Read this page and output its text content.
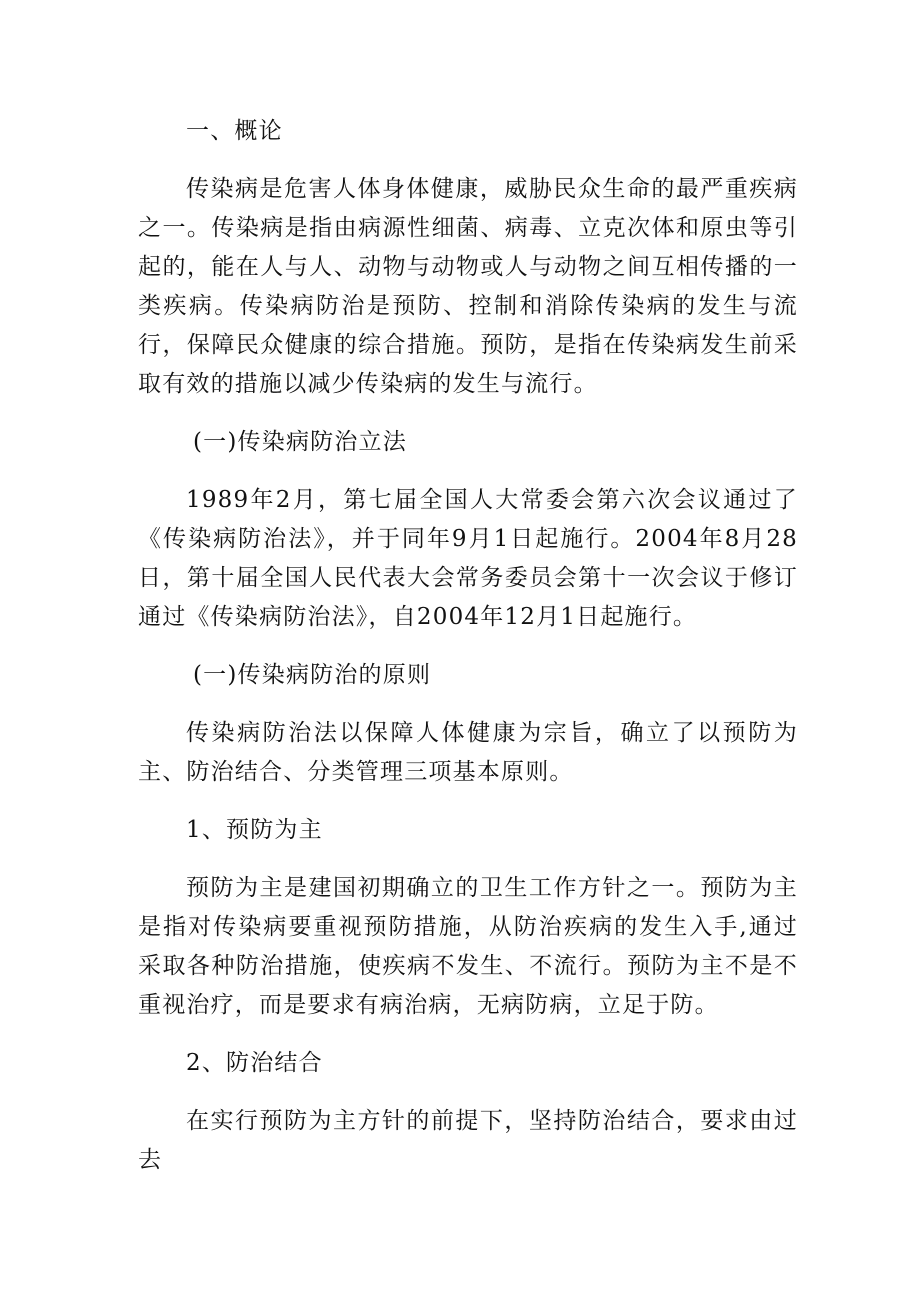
一、概论

传染病是危害人体身体健康，威胁民众生命的最严重疾病之一。传染病是指由病源性细菌、病毒、立克次体和原虫等引起的，能在人与人、动物与动物或人与动物之间互相传播的一类疾病。传染病防治是预防、控制和消除传染病的发生与流行，保障民众健康的综合措施。预防，是指在传染病发生前采取有效的措施以减少传染病的发生与流行。

(一)传染病防治立法

1989年2月，第七届全国人大常委会第六次会议通过了《传染病防治法》，并于同年9月1日起施行。2004年8月28日，第十届全国人民代表大会常务委员会第十一次会议于修订通过《传染病防治法》，自2004年12月1日起施行。

(一)传染病防治的原则

传染病防治法以保障人体健康为宗旨，确立了以预防为主、防治结合、分类管理三项基本原则。

1、预防为主

预防为主是建国初期确立的卫生工作方针之一。预防为主是指对传染病要重视预防措施，从防治疾病的发生入手,通过采取各种防治措施，使疾病不发生、不流行。预防为主不是不重视治疗，而是要求有病治病，无病防病，立足于防。

2、防治结合

在实行预防为主方针的前提下，坚持防治结合，要求由过去
